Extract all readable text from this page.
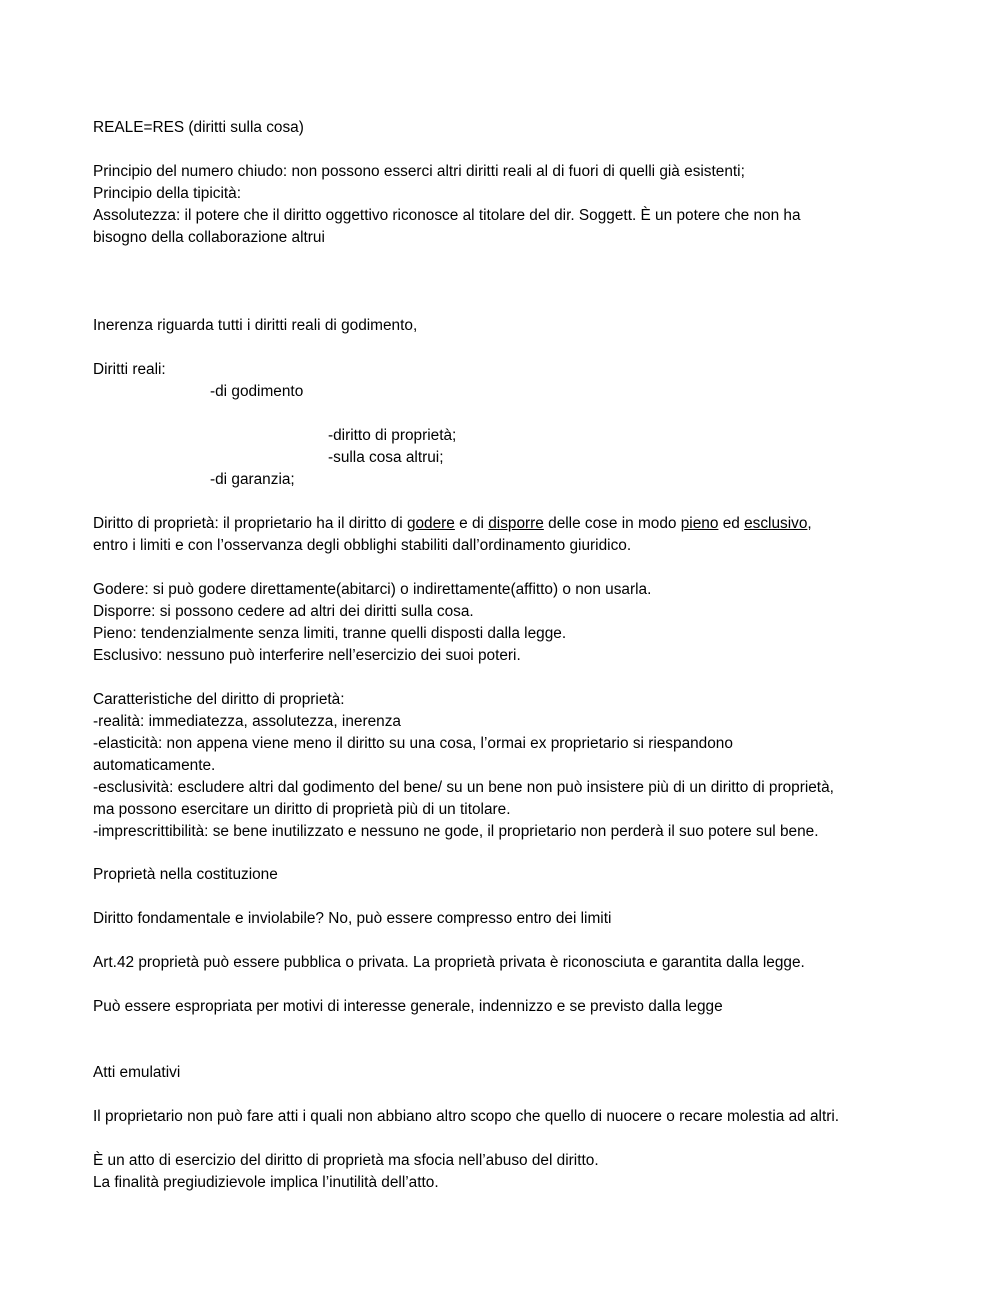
REALE=RES (diritti sulla cosa)
Principio del numero chiudo: non possono esserci altri diritti reali al di fuori di quelli già esistenti;
Principio della tipicità:
Assolutezza: il potere che il diritto oggettivo riconosce al titolare del dir. Soggett. È un potere che non ha
bisogno della collaborazione altrui
Inerenza riguarda tutti i diritti reali di godimento,
Diritti reali:
-di godimento
-diritto di proprietà;
-sulla cosa altrui;
-di garanzia;
Diritto di proprietà: il proprietario ha il diritto di godere e di disporre delle cose in modo pieno ed esclusivo,
entro i limiti e con l’osservanza degli obblighi stabiliti dall’ordinamento giuridico.
Godere: si può godere direttamente(abitarci) o indirettamente(affitto) o non usarla.
Disporre: si possono cedere ad altri dei diritti sulla cosa.
Pieno: tendenzialmente senza limiti, tranne quelli disposti dalla legge.
Esclusivo: nessuno può interferire nell’esercizio dei suoi poteri.
Caratteristiche del diritto di proprietà:
-realità: immediatezza, assolutezza, inerenza
-elasticità: non appena viene meno il diritto su una cosa, l’ormai ex proprietario si riespandono
automaticamente.
-esclusività: escludere altri dal godimento del bene/ su un bene non può insistere più di un diritto di proprietà,
ma possono esercitare un diritto di proprietà più di un titolare.
-imprescrittibilità: se bene inutilizzato e nessuno ne gode, il proprietario non perderà il suo potere sul bene.
Proprietà nella costituzione
Diritto fondamentale e inviolabile? No, può essere compresso entro dei limiti
Art.42 proprietà può essere pubblica o privata. La proprietà privata è riconosciuta e garantita dalla legge.
Può essere espropriata per motivi di interesse generale, indennizzo e se previsto dalla legge
Atti emulativi
Il proprietario non può fare atti i quali non abbiano altro scopo che quello di nuocere o recare molestia ad altri.
È un atto di esercizio del diritto di proprietà ma sfocia nell’abuso del diritto.
La finalità pregiudizievole implica l’inutilità dell’atto.
